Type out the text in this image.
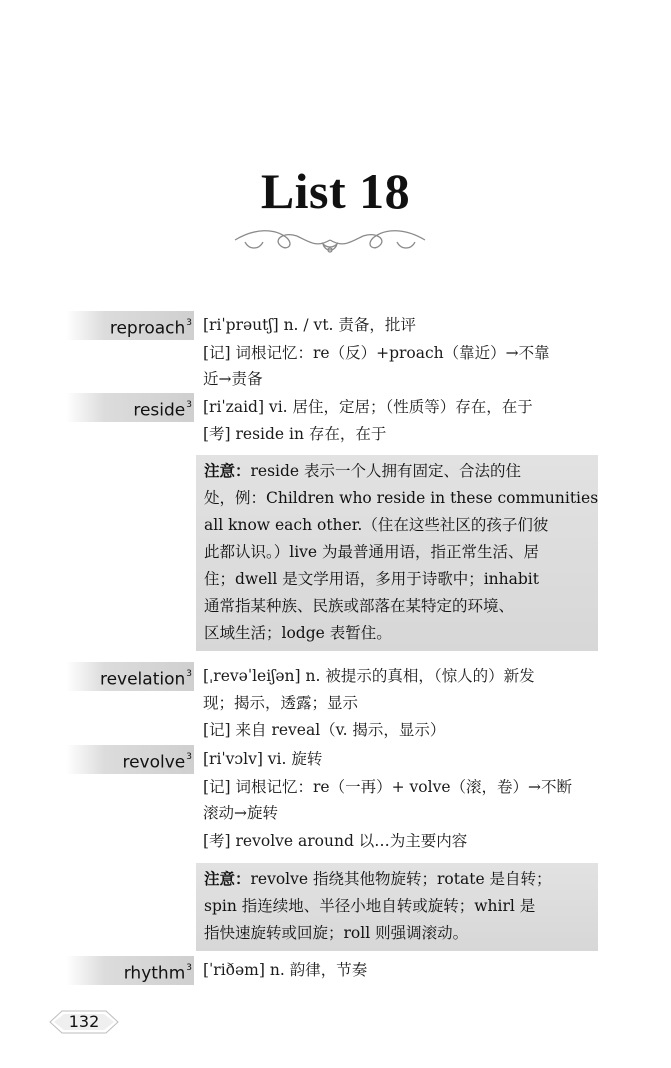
List 18
reproach$^3$ [riˈprəutʃ] n. / vt. 责备，批评
[记] 词根记忆：re（反）+proach（靠近）→不靠
近→责备
reside$^3$ [riˈzaid] vi. 居住，定居；（性质等）存在，在于
[考] reside in 存在，在于
注意：reside 表示一个人拥有固定、合法的住
处，例：Children who reside in these communities
all know each other.（住在这些社区的孩子们彼
此都认识。）live 为最普通用语，指正常生活、居
住；dwell 是文学用语，多用于诗歌中；inhabit
通常指某种族、民族或部落在某特定的环境、
区域生活；lodge 表暂住。
revelation$^3$ [ˌrevəˈleiʃən] n. 被提示的真相，（惊人的）新发
现；揭示，透露；显示
[记] 来自 reveal（v. 揭示，显示）
revolve$^3$ [riˈvɔlv] vi. 旋转
[记] 词根记忆：re（一再）+ volve（滚，卷）→不断
滚动→旋转
[考] revolve around 以…为主要内容
注意：revolve 指绕其他物旋转；rotate 是自转；
spin 指连续地、半径小地自转或旋转；whirl 是
指快速旋转或回旋；roll 则强调滚动。
rhythm$^3$ [ˈriðəm] n. 韵律，节奏
132
